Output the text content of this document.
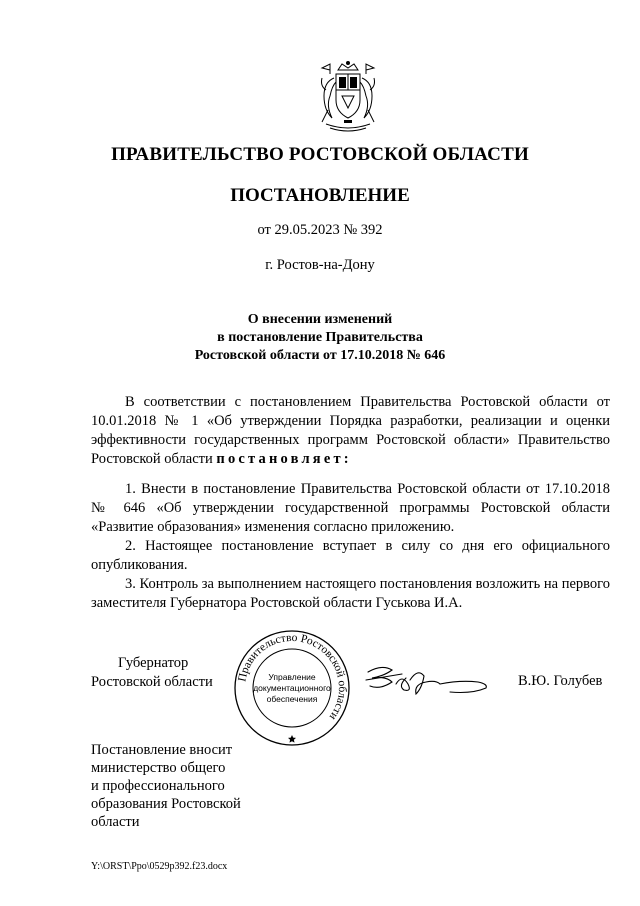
ПРАВИТЕЛЬСТВО РОСТОВСКОЙ ОБЛАСТИ
ПОСТАНОВЛЕНИЕ
от 29.05.2023 № 392
г. Ростов-на-Дону
О внесении изменений
в постановление Правительства
Ростовской области от 17.10.2018 № 646

В соответствии с постановлением Правительства Ростовской области от 10.01.2018 № 1 «Об утверждении Порядка разработки, реализации и оценки эффективности государственных программ Ростовской области» Правительство Ростовской области постановляет:

1. Внести в постановление Правительства Ростовской области от 17.10.2018 № 646 «Об утверждении государственной программы Ростовской области «Развитие образования» изменения согласно приложению.

2. Настоящее постановление вступает в силу со дня его официального опубликования.

3. Контроль за выполнением настоящего постановления возложить на первого заместителя Губернатора Ростовской области Гуськова И.А.

Губернатор
Ростовской области Правительство Ростовской области
Управление
документационного
обеспечения
В.Ю. Голубев
Постановление вносит
министерство общего
и профессионального
образования Ростовской
области
Y:\ORST\Ppo\0529p392.f23.docx
